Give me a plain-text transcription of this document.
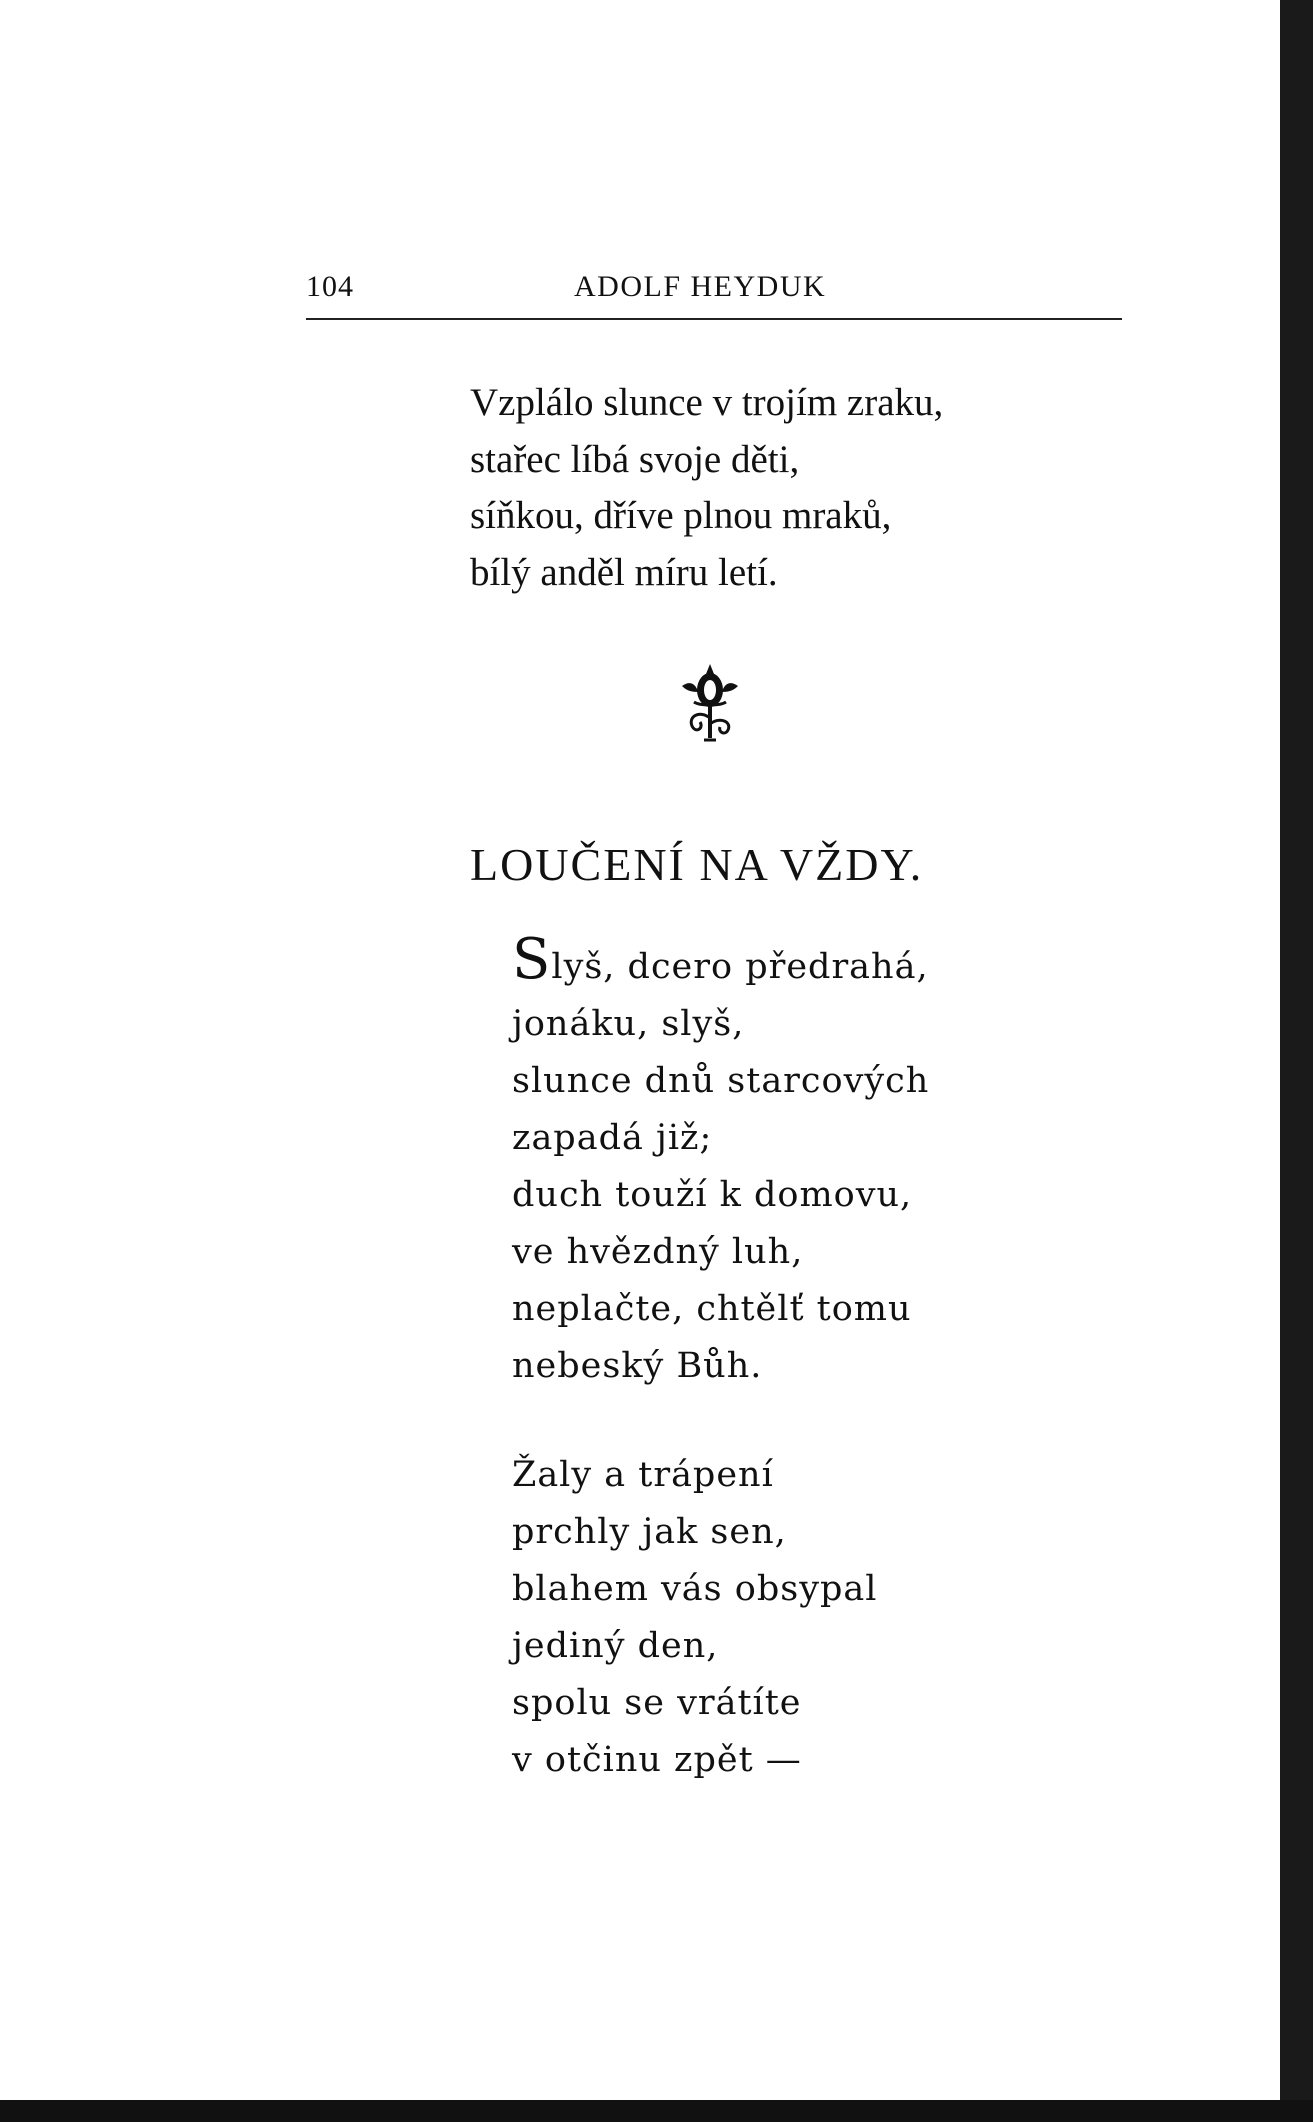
104	ADOLF HEYDUK
Vzplálo slunce v trojím zraku,
stařec líbá svoje děti,
síňkou, dříve plnou mraků,
bílý anděl míru letí.
LOUČENÍ NA VŽDY.
Slyš, dcero předrahá,
jonáku, slyš,
slunce dnů starcových
zapadá již;
duch touží k domovu,
ve hvězdný luh,
neplačte, chtělť tomu
nebeský Bůh.
Žaly a trápení
prchly jak sen,
blahem vás obsypal
jediný den,
spolu se vrátíte
v otčinu zpět —
